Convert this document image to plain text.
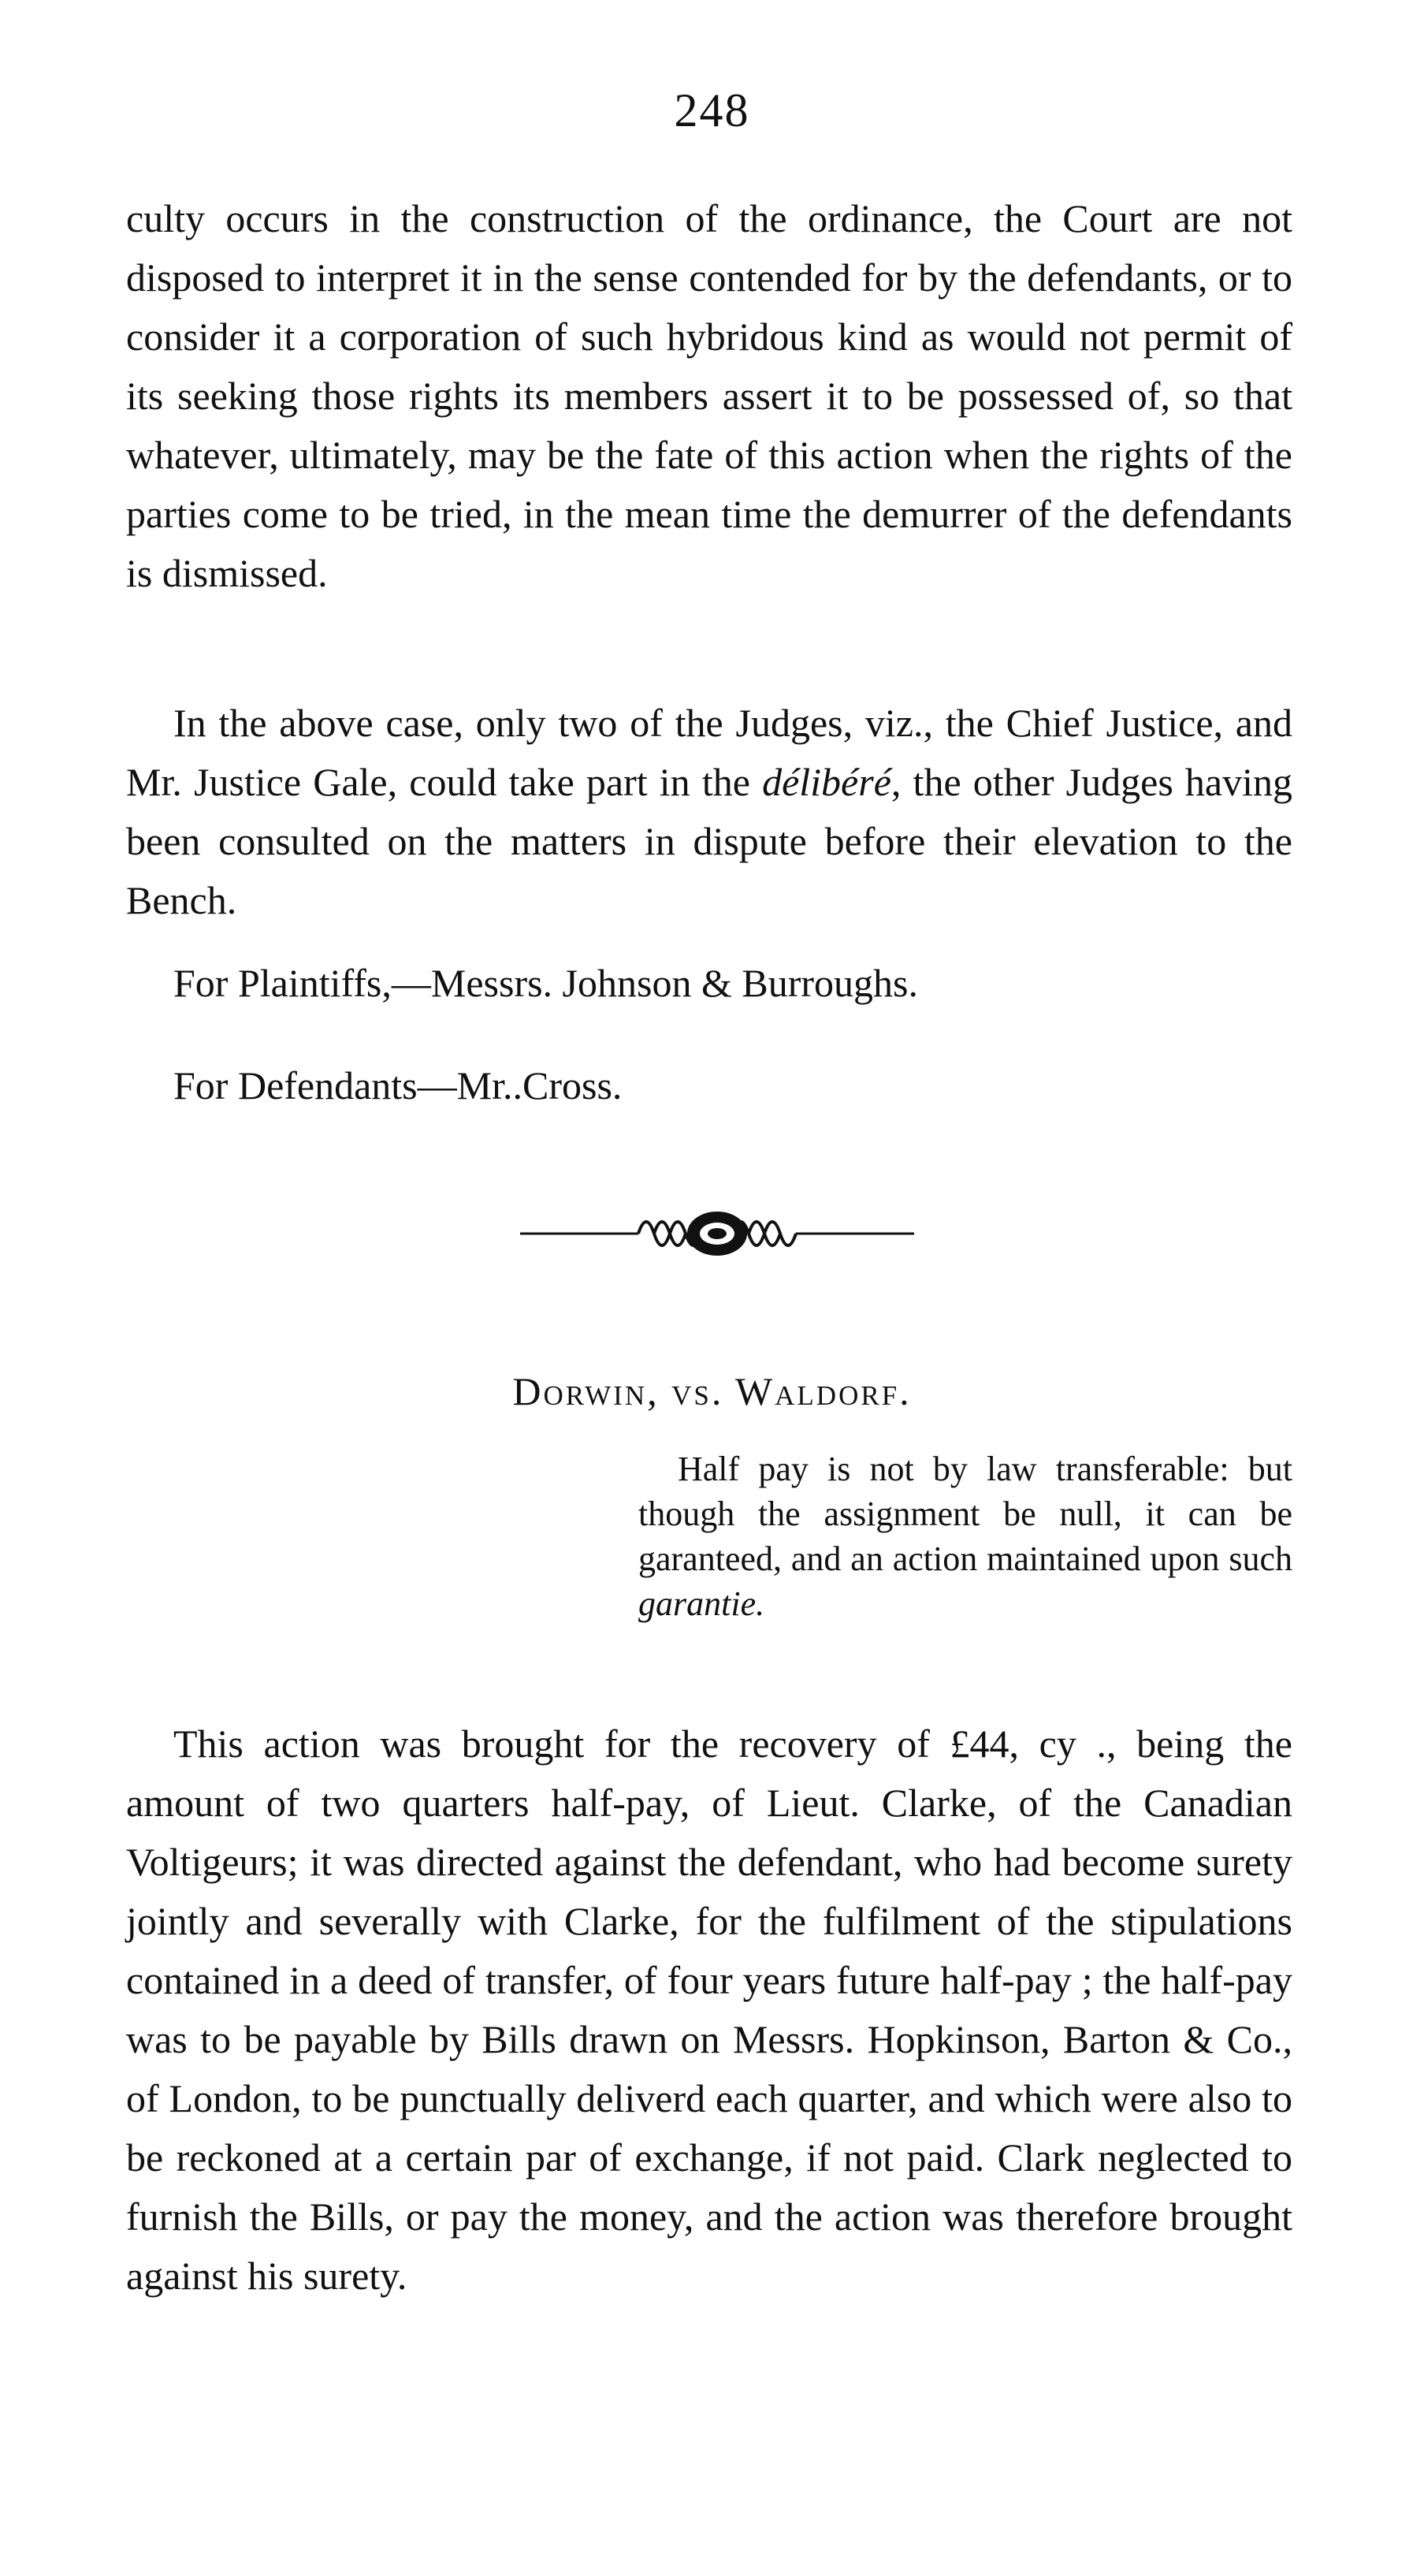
248
culty occurs in the construction of the ordinance, the Court are not disposed to interpret it in the sense contended for by the defendants, or to consider it a corporation of such hybridous kind as would not permit of its seeking those rights its members assert it to be possessed of, so that whatever, ultimately, may be the fate of this action when the rights of the parties come to be tried, in the mean time the demurrer of the defendants is dismissed.
In the above case, only two of the Judges, viz., the Chief Justice, and Mr. Justice Gale, could take part in the délibéré, the other Judges having been consulted on the matters in dispute before their elevation to the Bench.
For Plaintiffs,—Messrs. Johnson & Burroughs.
For Defendants—Mr..Cross.
Dorwin, vs. Waldorf.
Half pay is not by law transferable: but though the assignment be null, it can be garanteed, and an action maintained upon such garantie.
This action was brought for the recovery of £44, cy ., being the amount of two quarters half-pay, of Lieut. Clarke, of the Canadian Voltigeurs; it was directed against the defendant, who had become surety jointly and severally with Clarke, for the fulfilment of the stipulations contained in a deed of transfer, of four years future half-pay ; the half-pay was to be payable by Bills drawn on Messrs. Hopkinson, Barton & Co., of London, to be punctually deliverd each quarter, and which were also to be reckoned at a certain par of exchange, if not paid. Clark neglected to furnish the Bills, or pay the money, and the action was therefore brought against his surety.
